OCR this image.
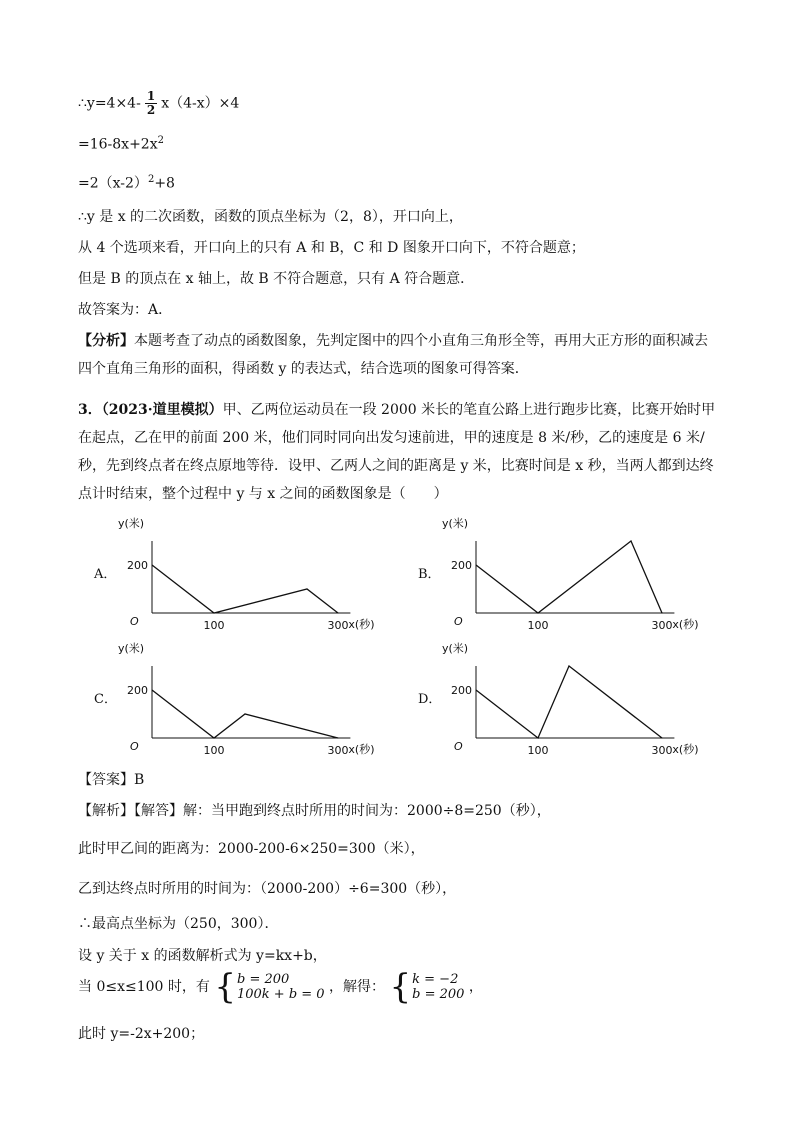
∴y=4×4- $\frac{1}{2} x(4-x)\times 4$
$=16-8x+2x^2$
$=2(x-2)^2+8$
∴y 是 x 的二次函数，函数的顶点坐标为（2，8），开口向上，
从 4 个选项来看，开口向上的只有 A 和 B，C 和 D 图象开口向下，不符合题意；
但是 B 的顶点在 x 轴上，故 B 不符合题意，只有 A 符合题意．
故答案为：A．
【分析】本题考查了动点的函数图象，先判定图中的四个小直角三角形全等，再用大正方形的面积减去四个直角三角形的面积，得函数 y 的表达式，结合选项的图象可得答案．
3．（2023·道里模拟）甲、乙两位运动员在一段 2000 米长的笔直公路上进行跑步比赛，比赛开始时甲在起点，乙在甲的前面 200 米，他们同时同向出发匀速前进，甲的速度是 8 米/秒，乙的速度是 6 米/秒，先到终点者在终点原地等待．设甲、乙两人之间的距离是 y 米，比赛时间是 x 秒，当两人都到达终点计时结束，整个过程中 y 与 x 之间的函数图象是（　　）
A．
y(米)
x(秒)
O
200
100	300
B．
y(米)
x(秒)
O
200
100	300
C．
y(米)
x(秒)
O
200
100	300
D．
y(米)
x(秒)
O
200
100	300
【答案】B
【解析】【解答】解：当甲跑到终点时所用的时间为：2000÷8=250（秒），
此时甲乙间的距离为：2000-200-6×250=300（米），
乙到达终点时所用的时间为：（2000-200）÷6=300（秒），
∴最高点坐标为（250，300）．
设 y 关于 x 的函数解析式为 y=kx+b，
当 0≤x≤100 时，有 { b = 200
100k + b = 0 ，解得： { k = −2
b = 200 ，
此时 y=-2x+200；
